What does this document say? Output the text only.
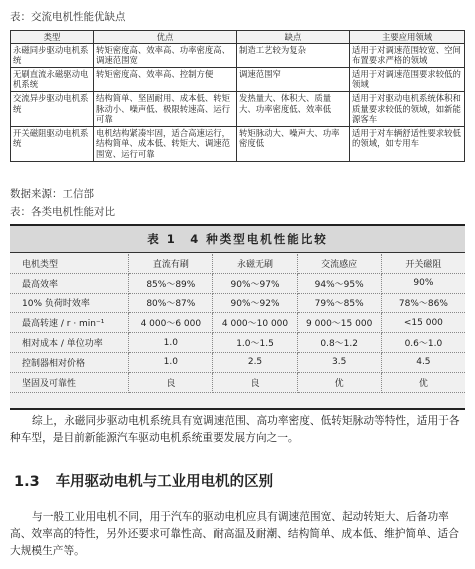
表：交流电机性能优缺点
类型	优点	缺点	主要应用领域
永磁同步驱动电机系统	转矩密度高、效率高、功率密度高、调速范围宽	制造工艺较为复杂	适用于对调速范围较宽、空间布置要求严格的领域
无刷直流永磁驱动电机系统	转矩密度高、效率高、控制方便	调速范围窄	适用于对调速范围要求较低的领域
交流异步驱动电机系统	结构简单、坚固耐用、成本低、转矩脉动小、噪声低、极限转速高、运行可靠	发热量大、体积大、质量大、功率密度低、效率低	适用于对驱动电机系统体积和质量要求较低的领域，如新能源客车
开关磁阻驱动电机系统	电机结构紧凑牢固，适合高速运行，结构简单、成本低、转矩大、调速范围宽、运行可靠	转矩脉动大、噪声大、功率密度低	适用于对车辆舒适性要求较低的领域，如专用车
数据来源：工信部
表：各类电机性能对比
表 1　4 种类型电机性能比较
电机类型	直流有刷	永磁无刷	交流感应	开关磁阻
最高效率	85%～89%	90%～97%	94%～95%	90%
10% 负荷时效率	80%～87%	90%～92%	79%～85%	78%～86%
最高转速 / r · min⁻¹	4 000～6 000	4 000～10 000	9 000～15 000	<15 000
相对成本 / 单位功率	1.0	1.0～1.5	0.8～1.2	0.6～1.0
控制器相对价格	1.0	2.5	3.5	4.5
坚固及可靠性	良	良	优	优

综上，永磁同步驱动电机系统具有宽调速范围、高功率密度、低转矩脉动等特性，适用于各种车型，是目前新能源汽车驱动电机系统重要发展方向之一。

1.3 车用驱动电机与工业用电机的区别

与一般工业用电机不同，用于汽车的驱动电机应具有调速范围宽、起动转矩大、后备功率高、效率高的特性，另外还要求可靠性高、耐高温及耐潮、结构简单、成本低、维护简单、适合大规模生产等。
